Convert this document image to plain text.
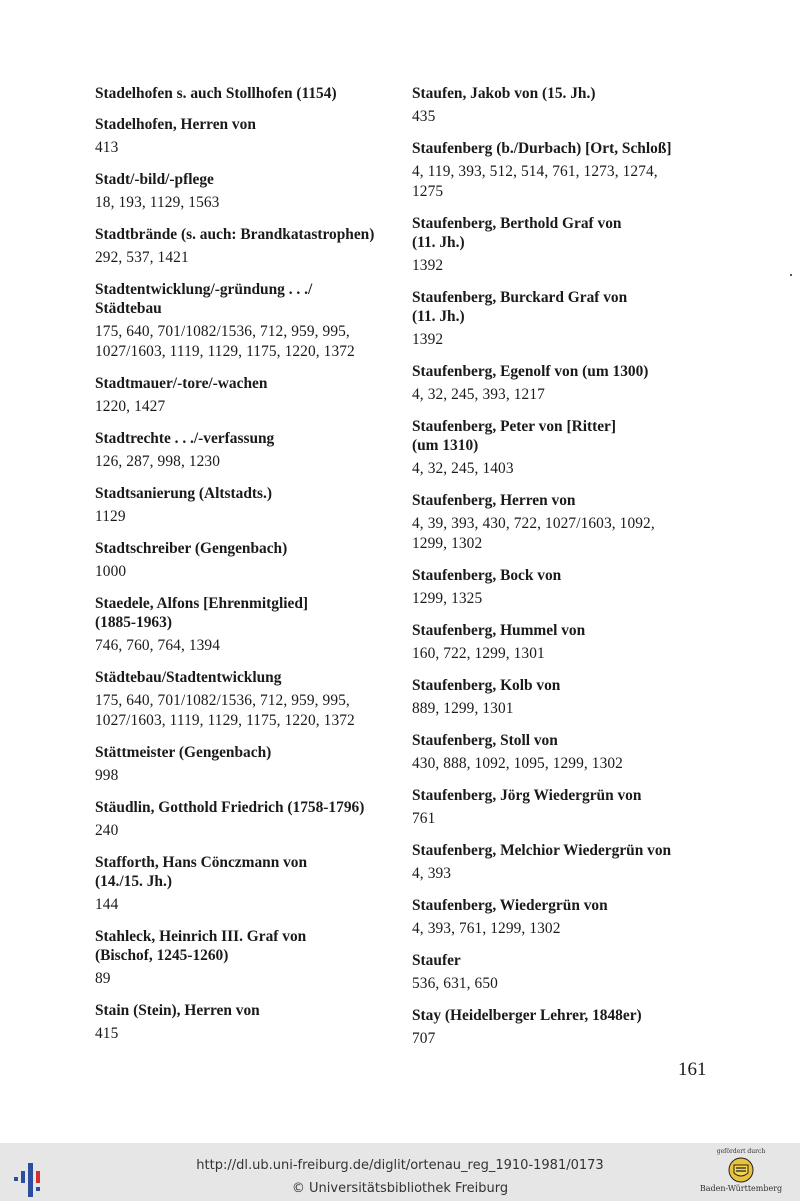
Stadelhofen s. auch Stollhofen (1154)
Stadelhofen, Herren von
413
Stadt/-bild/-pflege
18, 193, 1129, 1563
Stadtbrände (s. auch: Brandkatastrophen)
292, 537, 1421
Stadtentwicklung/-gründung . . ./
Städtebau
175, 640, 701/1082/1536, 712, 959, 995,
1027/1603, 1119, 1129, 1175, 1220, 1372
Stadtmauer/-tore/-wachen
1220, 1427
Stadtrechte . . ./-verfassung
126, 287, 998, 1230
Stadtsanierung (Altstadts.)
1129
Stadtschreiber (Gengenbach)
1000
Staedele, Alfons [Ehrenmitglied]
(1885-1963)
746, 760, 764, 1394
Städtebau/Stadtentwicklung
175, 640, 701/1082/1536, 712, 959, 995,
1027/1603, 1119, 1129, 1175, 1220, 1372
Stättmeister (Gengenbach)
998
Stäudlin, Gotthold Friedrich (1758-1796)
240
Stafforth, Hans Cönczmann von
(14./15. Jh.)
144
Stahleck, Heinrich III. Graf von
(Bischof, 1245-1260)
89
Stain (Stein), Herren von
415
Staufen, Jakob von (15. Jh.)
435
Staufenberg (b./Durbach) [Ort, Schloß]
4, 119, 393, 512, 514, 761, 1273, 1274,
1275
Staufenberg, Berthold Graf von
(11. Jh.)
1392
Staufenberg, Burckard Graf von
(11. Jh.)
1392
Staufenberg, Egenolf von (um 1300)
4, 32, 245, 393, 1217
Staufenberg, Peter von [Ritter]
(um 1310)
4, 32, 245, 1403
Staufenberg, Herren von
4, 39, 393, 430, 722, 1027/1603, 1092,
1299, 1302
Staufenberg, Bock von
1299, 1325
Staufenberg, Hummel von
160, 722, 1299, 1301
Staufenberg, Kolb von
889, 1299, 1301
Staufenberg, Stoll von
430, 888, 1092, 1095, 1299, 1302
Staufenberg, Jörg Wiedergrün von
761
Staufenberg, Melchior Wiedergrün von
4, 393
Staufenberg, Wiedergrün von
4, 393, 761, 1299, 1302
Staufer
536, 631, 650
Stay (Heidelberger Lehrer, 1848er)
707
161
http://dl.ub.uni-freiburg.de/diglit/ortenau_reg_1910-1981/0173
© Universitätsbibliothek Freiburg
gefördert durch
Baden-Württemberg
